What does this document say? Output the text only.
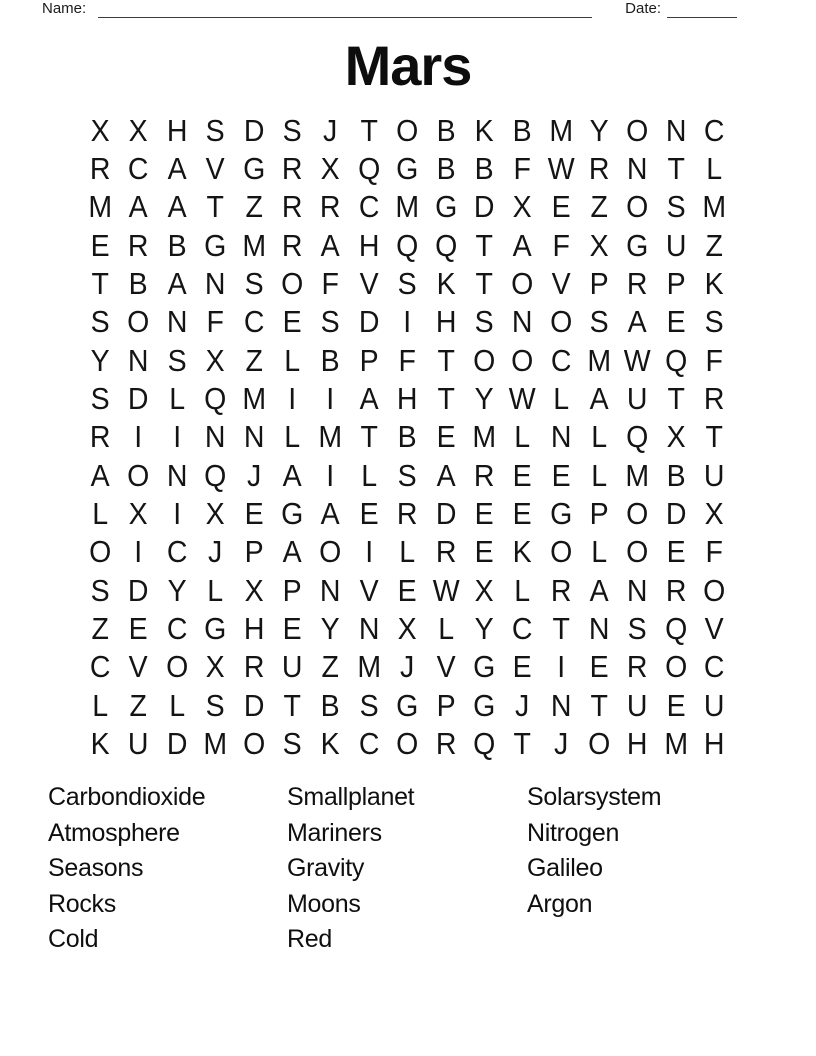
Name:	Date:
Mars
X X H S D S J T O B K B M Y O N C
R C A V G R X Q G B B F W R N T L
M A A T Z R R C M G D X E Z O S M
E R B G M R A H Q Q T A F X G U Z
T B A N S O F V S K T O V P R P K
S O N F C E S D I H S N O S A E S
Y N S X Z L B P F T O O C M W Q F
S D L Q M I I A H T Y W L A U T R
R I I N N L M T B E M L N L Q X T
A O N Q J A I L S A R E E L M B U
L X I X E G A E R D E E G P O D X
O I C J P A O I L R E K O L O E F
S D Y L X P N V E W X L R A N R O
Z E C G H E Y N X L Y C T N S Q V
C V O X R U Z M J V G E I E R O C
L Z L S D T B S G P G J N T U E U
K U D M O S K C O R Q T J O H M H
Carbondioxide
Atmosphere
Seasons
Rocks
Cold
Smallplanet
Mariners
Gravity
Moons
Red
Solarsystem
Nitrogen
Galileo
Argon
